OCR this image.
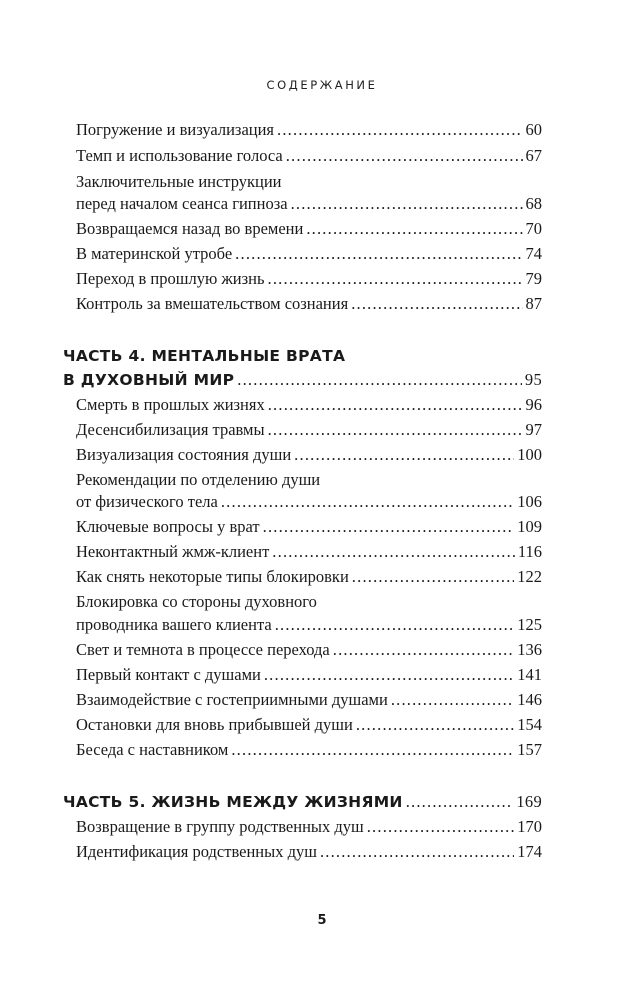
СОДЕРЖАНИЕ
Погружение и визуализация .....	60
Темп и использование голоса .....	67
Заключительные инструкции
перед началом сеанса гипноза .....	68
Возвращаемся назад во времени .....	70
В материнской утробе .....	74
Переход в прошлую жизнь .....	79
Контроль за вмешательством сознания .....	87
ЧАСТЬ 4. МЕНТАЛЬНЫЕ ВРАТА
В ДУХОВНЫЙ МИР .....	95
Смерть в прошлых жизнях .....	96
Десенсибилизация травмы .....	97
Визуализация состояния души .....	100
Рекомендации по отделению души
от физического тела .....	106
Ключевые вопросы у врат .....	109
Неконтактный жмж-клиент .....	116
Как снять некоторые типы блокировки .....	122
Блокировка со стороны духовного
проводника вашего клиента .....	125
Свет и темнота в процессе перехода .....	136
Первый контакт с душами .....	141
Взаимодействие с гостеприимными душами .....	146
Остановки для вновь прибывшей души .....	154
Беседа с наставником .....	157
ЧАСТЬ 5. ЖИЗНЬ МЕЖДУ ЖИЗНЯМИ .....	169
Возвращение в группу родственных душ .....	170
Идентификация родственных душ .....	174
5
